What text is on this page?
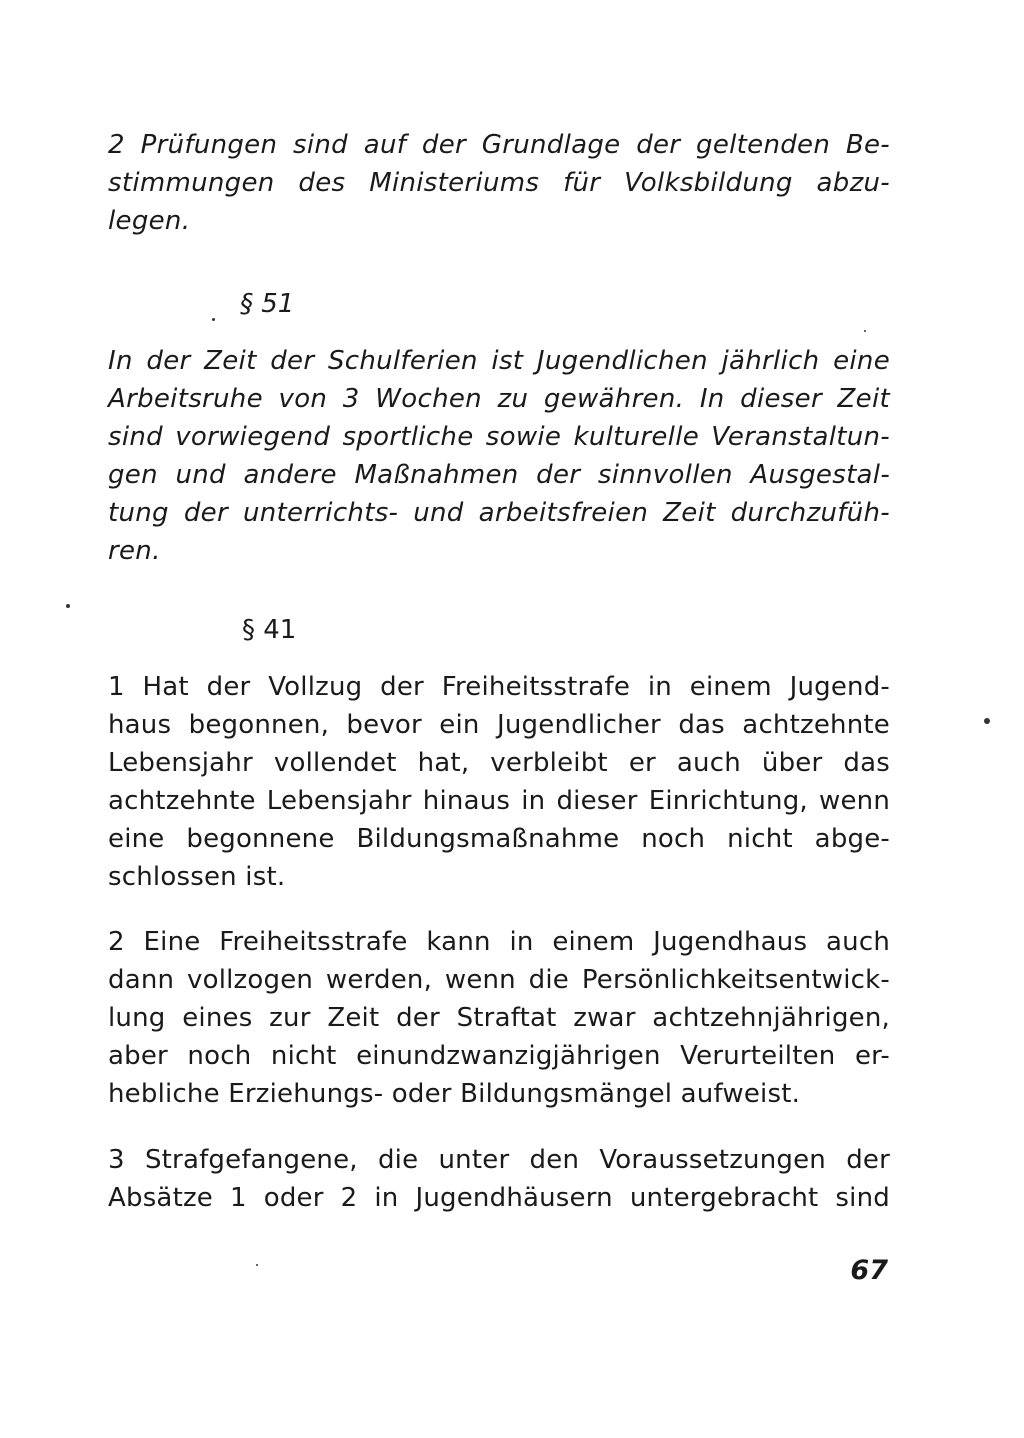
2 Prüfungen sind auf der Grundlage der geltenden Be-
stimmungen des Ministeriums für Volksbildung abzu-
legen.
§ 51
In der Zeit der Schulferien ist Jugendlichen jährlich eine
Arbeitsruhe von 3 Wochen zu gewähren. In dieser Zeit
sind vorwiegend sportliche sowie kulturelle Veranstaltun-
gen und andere Maßnahmen der sinnvollen Ausgestal-
tung der unterrichts- und arbeitsfreien Zeit durchzufüh-
ren.
§ 41
1 Hat der Vollzug der Freiheitsstrafe in einem Jugend-
haus begonnen, bevor ein Jugendlicher das achtzehnte
Lebensjahr vollendet hat, verbleibt er auch über das
achtzehnte Lebensjahr hinaus in dieser Einrichtung, wenn
eine begonnene Bildungsmaßnahme noch nicht abge-
schlossen ist.
2 Eine Freiheitsstrafe kann in einem Jugendhaus auch
dann vollzogen werden, wenn die Persönlichkeitsentwick-
lung eines zur Zeit der Straftat zwar achtzehnjährigen,
aber noch nicht einundzwanzigjährigen Verurteilten er-
hebliche Erziehungs- oder Bildungsmängel aufweist.
3 Strafgefangene, die unter den Voraussetzungen der
Absätze 1 oder 2 in Jugendhäusern untergebracht sind
67
